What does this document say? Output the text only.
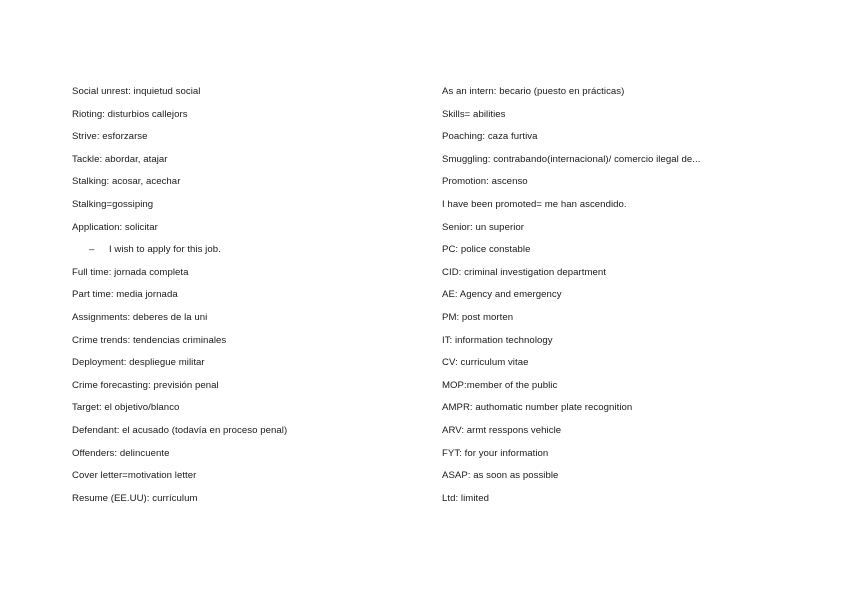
Social unrest: inquietud social
Rioting: disturbios callejors
Strive: esforzarse
Tackle: abordar, atajar
Stalking: acosar, acechar
Stalking=gossiping
Application: solicitar
– I wish to apply for this job.
Full time: jornada completa
Part time: media jornada
Assignments: deberes de la uni
Crime trends: tendencias criminales
Deployment: despliegue militar
Crime forecasting: previsión penal
Target: el objetivo/blanco
Defendant: el acusado (todavía en proceso penal)
Offenders: delincuente
Cover letter=motivation letter
Resume (EE.UU): currículum
As an intern: becario (puesto en prácticas)
Skills= abilities
Poaching: caza furtiva
Smuggling: contrabando(internacional)/ comercio ilegal de...
Promotion: ascenso
I have been promoted= me han ascendido.
Senior: un superior
PC: police constable
CID: criminal investigation department
AE: Agency and emergency
PM: post morten
IT: information technology
CV: curriculum vitae
MOP:member of the public
AMPR: authomatic number plate recognition
ARV: armt resspons vehicle
FYT: for your information
ASAP: as soon as possible
Ltd: limited
